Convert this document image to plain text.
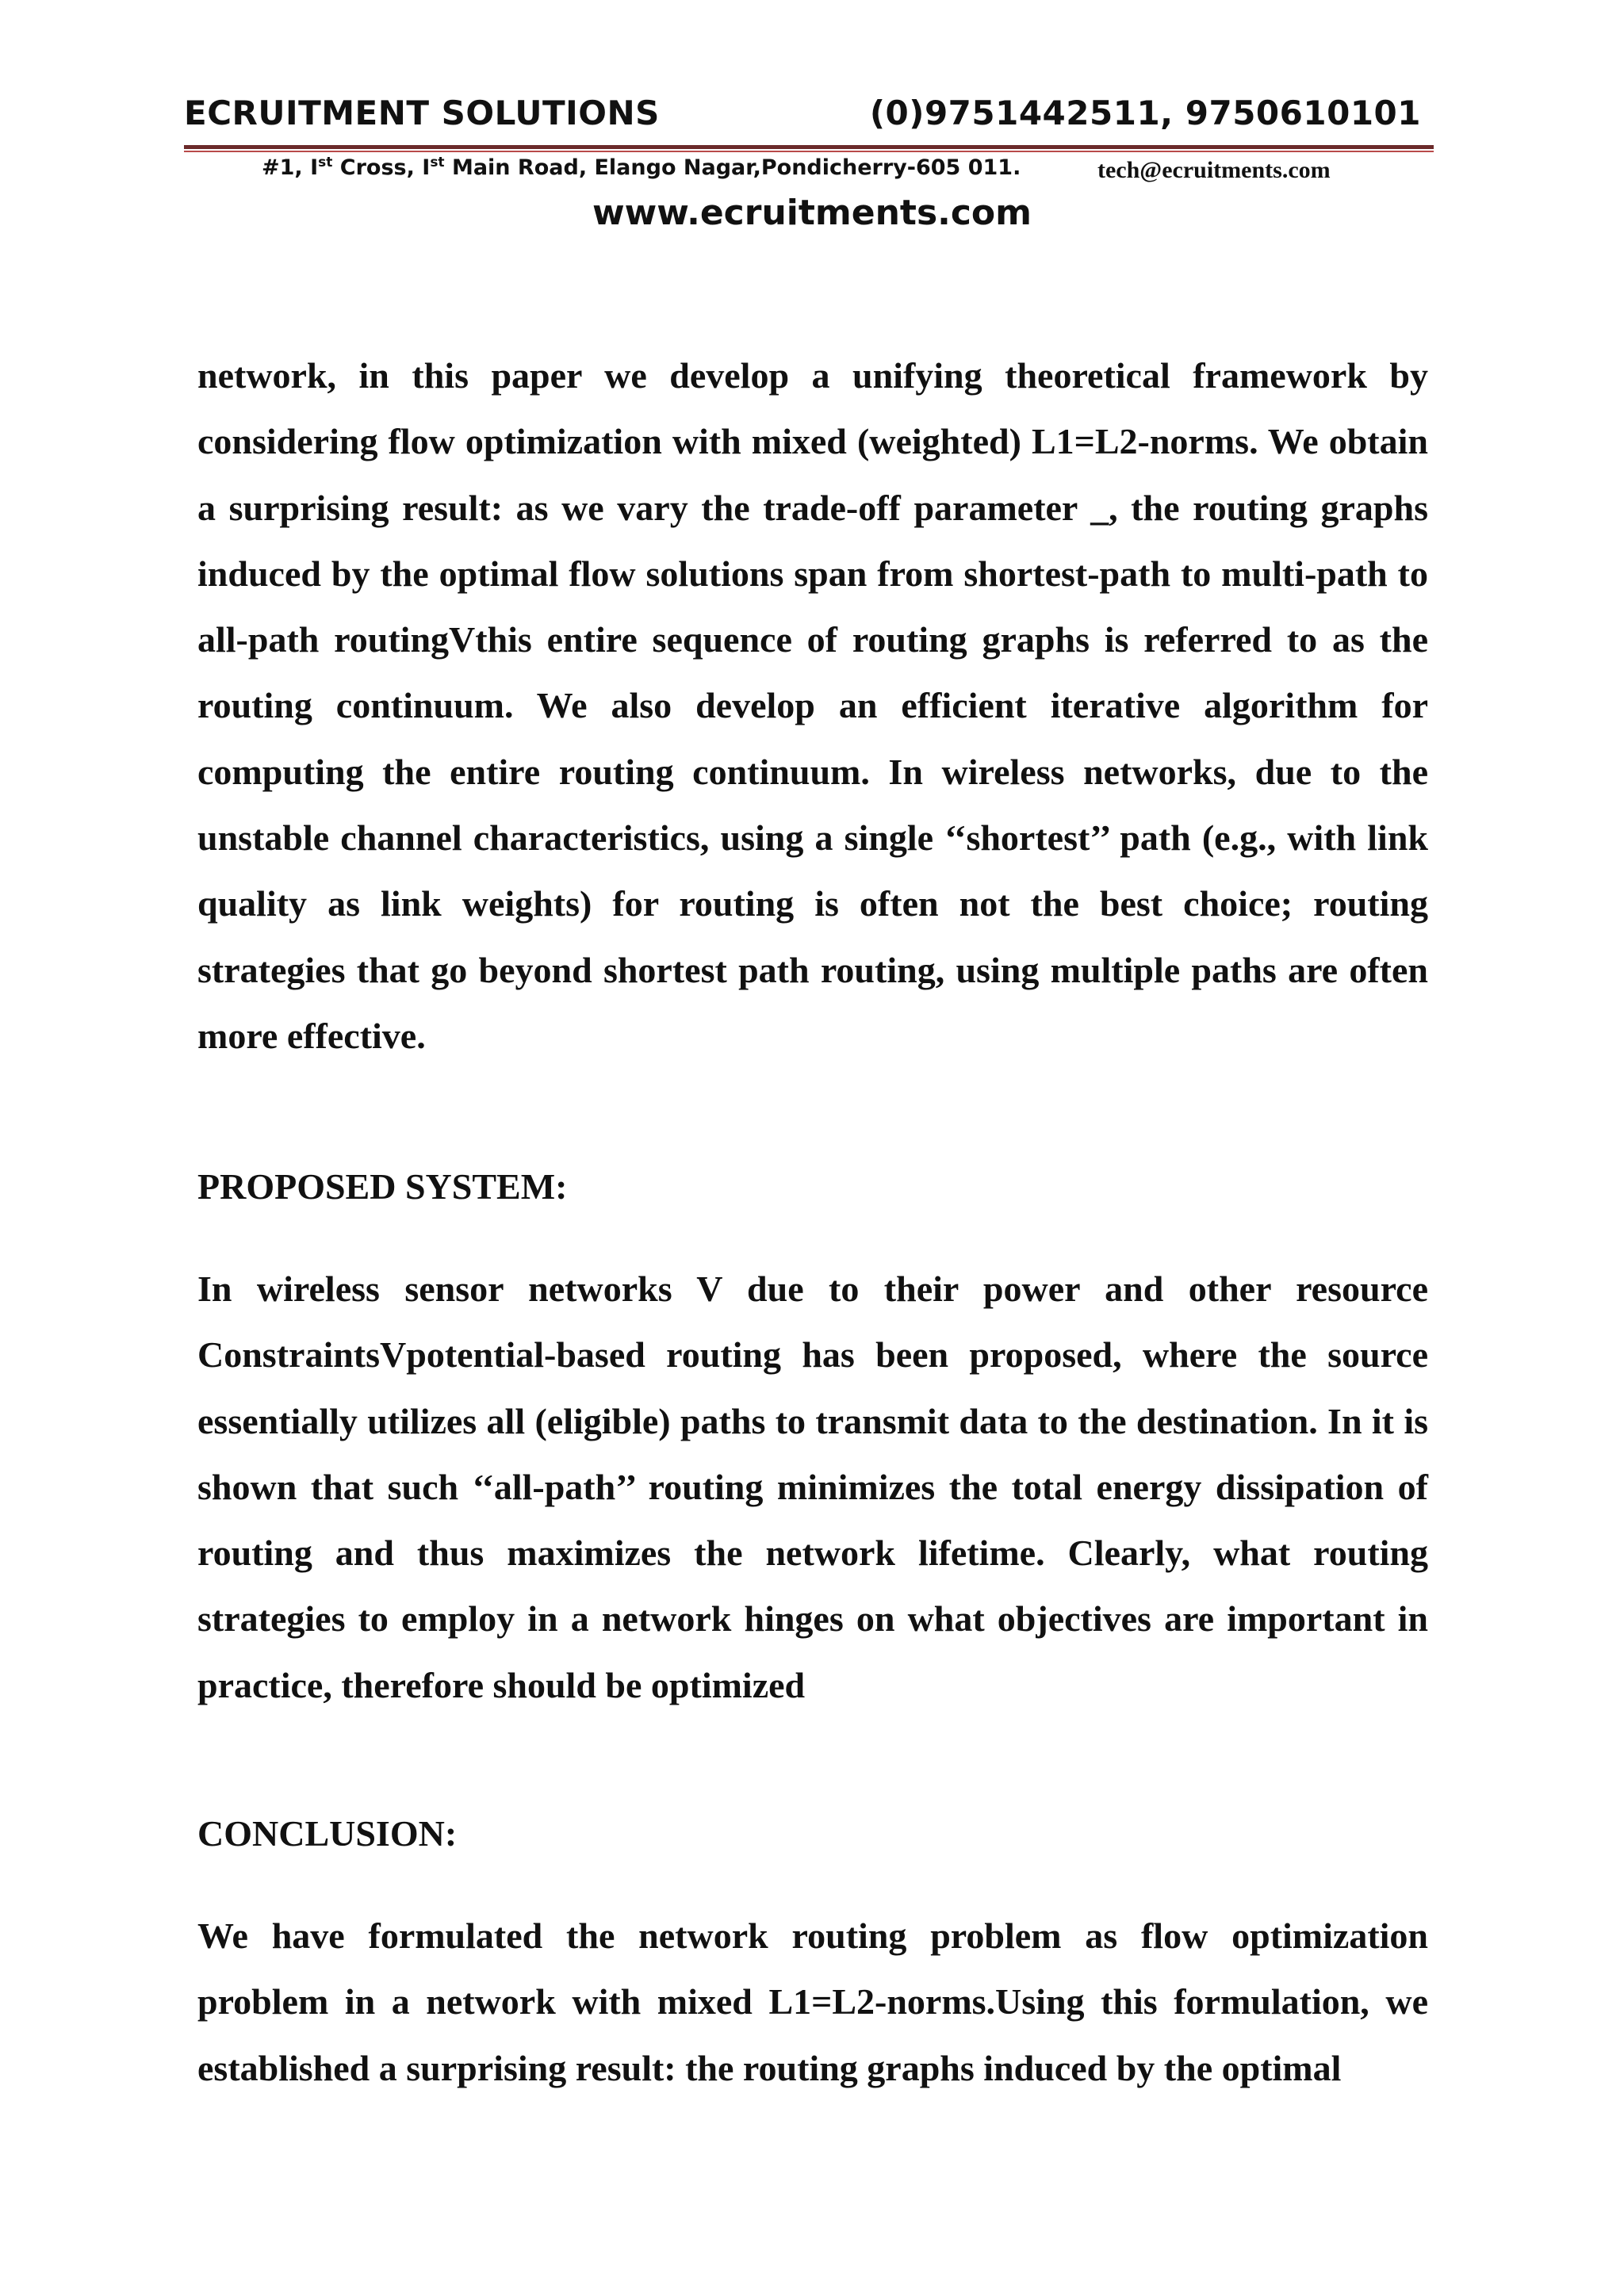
ECRUITMENT SOLUTIONS	(0)9751442511, 9750610101
#1, Ist Cross, Ist Main Road, Elango Nagar,Pondicherry-605 011.	tech@ecruitments.com
www.ecruitments.com

network, in this paper we develop a unifying theoretical framework by considering flow optimization with mixed (weighted) L1=L2-norms. We obtain a surprising result: as we vary the trade-off parameter _, the routing graphs induced by the optimal flow solutions span from shortest-path to multi-path to all-path routingVthis entire sequence of routing graphs is referred to as the routing continuum. We also develop an efficient iterative algorithm for computing the entire routing continuum. In wireless networks, due to the unstable channel characteristics, using a single ‘‘shortest’’ path (e.g., with link quality as link weights) for routing is often not the best choice; routing strategies that go beyond shortest path routing, using multiple paths are often more effective.

PROPOSED SYSTEM:

In wireless sensor networks V due to their power and other resource ConstraintsVpotential-based routing has been proposed, where the source essentially utilizes all (eligible) paths to transmit data to the destination. In it is shown that such ‘‘all-path’’ routing minimizes the total energy dissipation of routing and thus maximizes the network lifetime. Clearly, what routing strategies to employ in a network hinges on what objectives are important in practice, therefore should be optimized

CONCLUSION:

We have formulated the network routing problem as flow optimization problem in a network with mixed L1=L2-norms.Using this formulation, we established a surprising result: the routing graphs induced by the optimal
